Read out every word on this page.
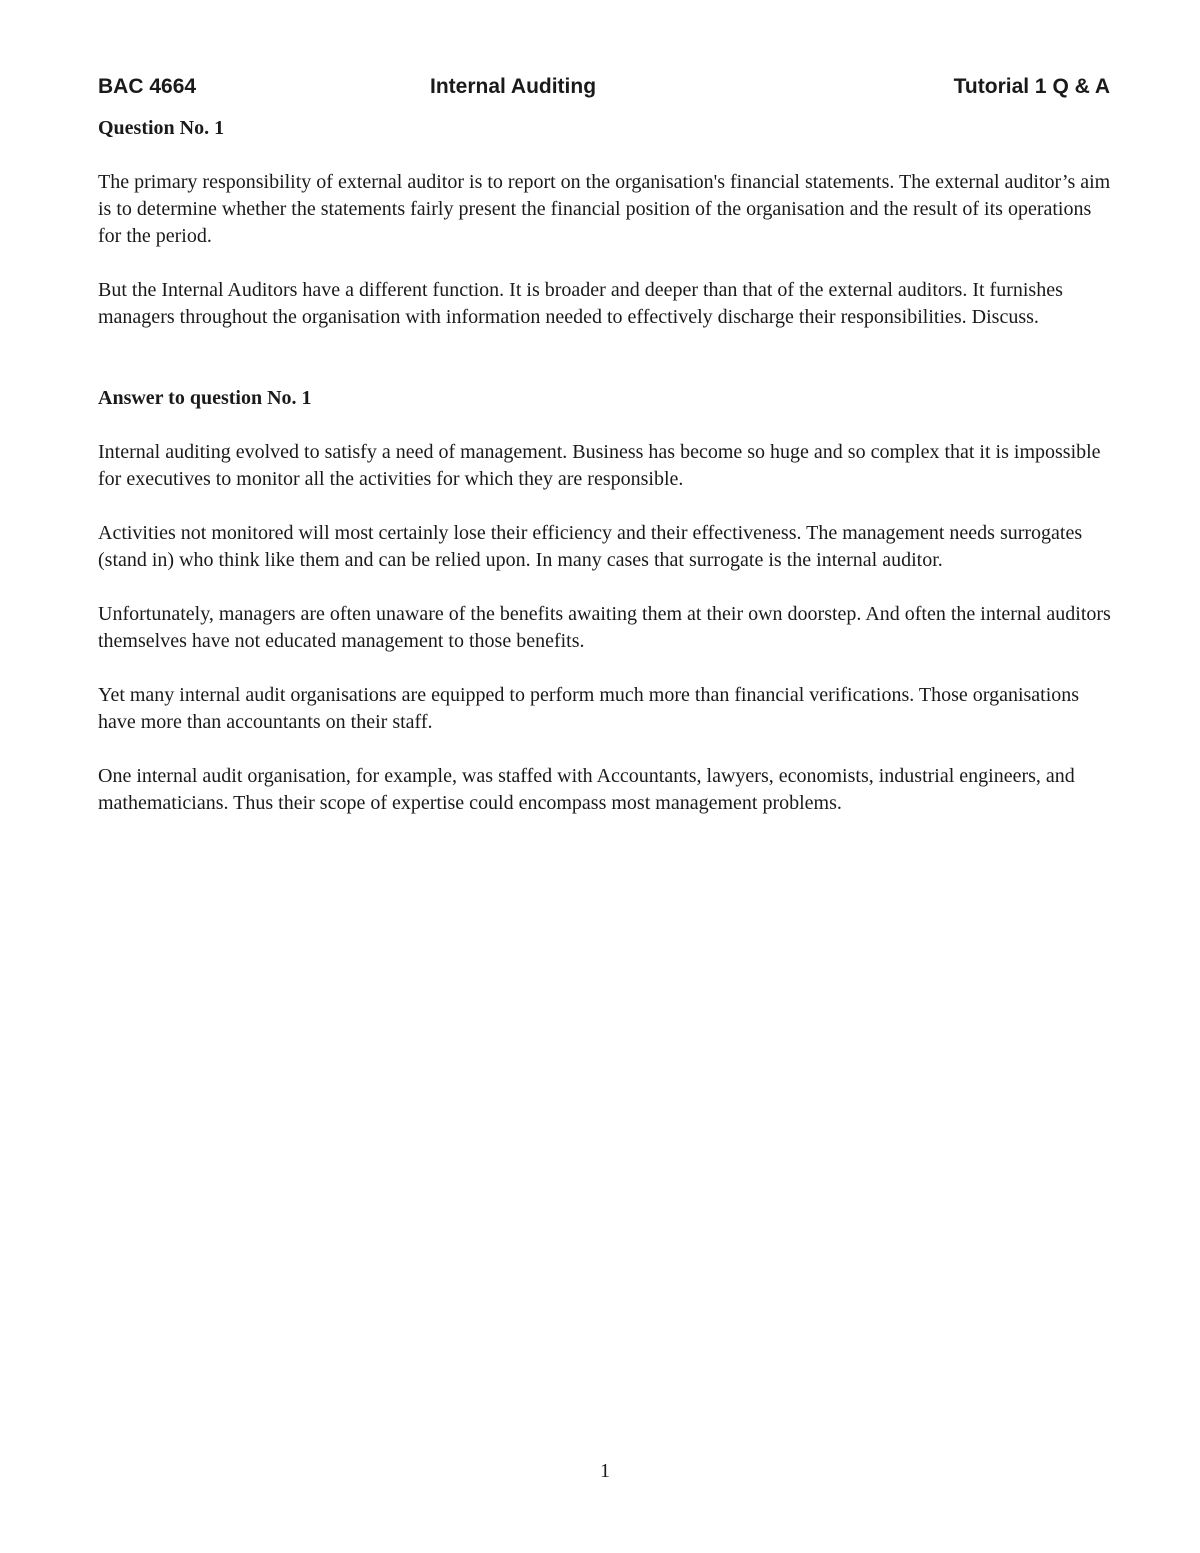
BAC 4664	Internal Auditing	Tutorial 1 Q & A

Question No. 1

The primary responsibility of external auditor is to report on the organisation's financial statements. The external auditor’s aim is to determine whether the statements fairly present the financial position of the organisation and the result of its operations for the period.

But the Internal Auditors have a different function. It is broader and deeper than that of the external auditors. It furnishes managers throughout the organisation with information needed to effectively discharge their responsibilities. Discuss.

Answer to question No. 1

Internal auditing evolved to satisfy a need of management. Business has become so huge and so complex that it is impossible for executives to monitor all the activities for which they are responsible.

Activities not monitored will most certainly lose their efficiency and their effectiveness. The management needs surrogates (stand in) who think like them and can be relied upon. In many cases that surrogate is the internal auditor.

Unfortunately, managers are often unaware of the benefits awaiting them at their own doorstep. And often the internal auditors themselves have not educated management to those benefits.

Yet many internal audit organisations are equipped to perform much more than financial verifications. Those organisations have more than accountants on their staff.

One internal audit organisation, for example, was staffed with Accountants, lawyers, economists, industrial engineers, and mathematicians. Thus their scope of expertise could encompass most management problems.

1
